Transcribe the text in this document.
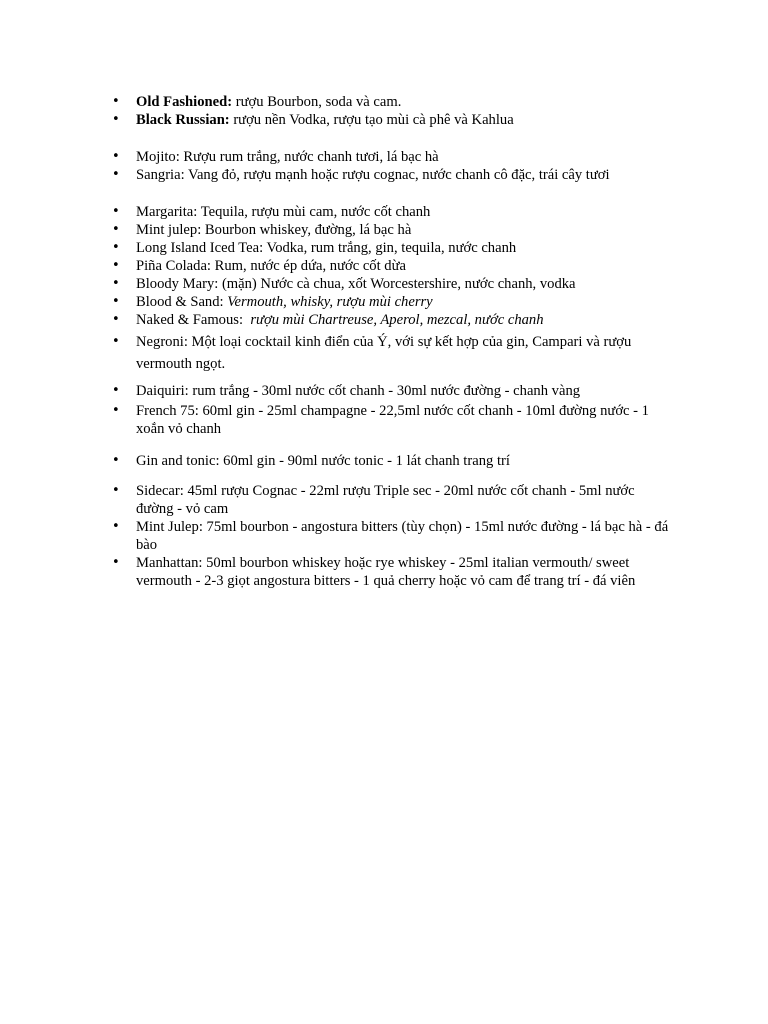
• Old Fashioned: rượu Bourbon, soda và cam.
• Black Russian: rượu nền Vodka, rượu tạo mùi cà phê và Kahlua
• Mojito: Rượu rum trắng, nước chanh tươi, lá bạc hà
• Sangria: Vang đỏ, rượu mạnh hoặc rượu cognac, nước chanh cô đặc, trái cây tươi
• Margarita: Tequila, rượu mùi cam, nước cốt chanh
• Mint julep: Bourbon whiskey, đường, lá bạc hà
• Long Island Iced Tea: Vodka, rum trắng, gin, tequila, nước chanh
• Piña Colada: Rum, nước ép dứa, nước cốt dừa
• Bloody Mary: (mặn) Nước cà chua, xốt Worcestershire, nước chanh, vodka
• Blood & Sand: Vermouth, whisky, rượu mùi cherry
• Naked & Famous:  rượu mùi Chartreuse, Aperol, mezcal, nước chanh
• Negroni: Một loại cocktail kinh điển của Ý, với sự kết hợp của gin, Campari và rượu vermouth ngọt.
• Daiquiri: rum trắng - 30ml nước cốt chanh - 30ml nước đường - chanh vàng
• French 75: 60ml gin - 25ml champagne - 22,5ml nước cốt chanh - 10ml đường nước - 1 xoắn vỏ chanh
• Gin and tonic: 60ml gin - 90ml nước tonic - 1 lát chanh trang trí
• Sidecar: 45ml rượu Cognac - 22ml rượu Triple sec - 20ml nước cốt chanh - 5ml nước đường - vỏ cam
• Mint Julep: 75ml bourbon - angostura bitters (tùy chọn) - 15ml nước đường - lá bạc hà - đá bào
• Manhattan: 50ml bourbon whiskey hoặc rye whiskey - 25ml italian vermouth/ sweet vermouth - 2-3 giọt angostura bitters - 1 quả cherry hoặc vỏ cam để trang trí - đá viên
